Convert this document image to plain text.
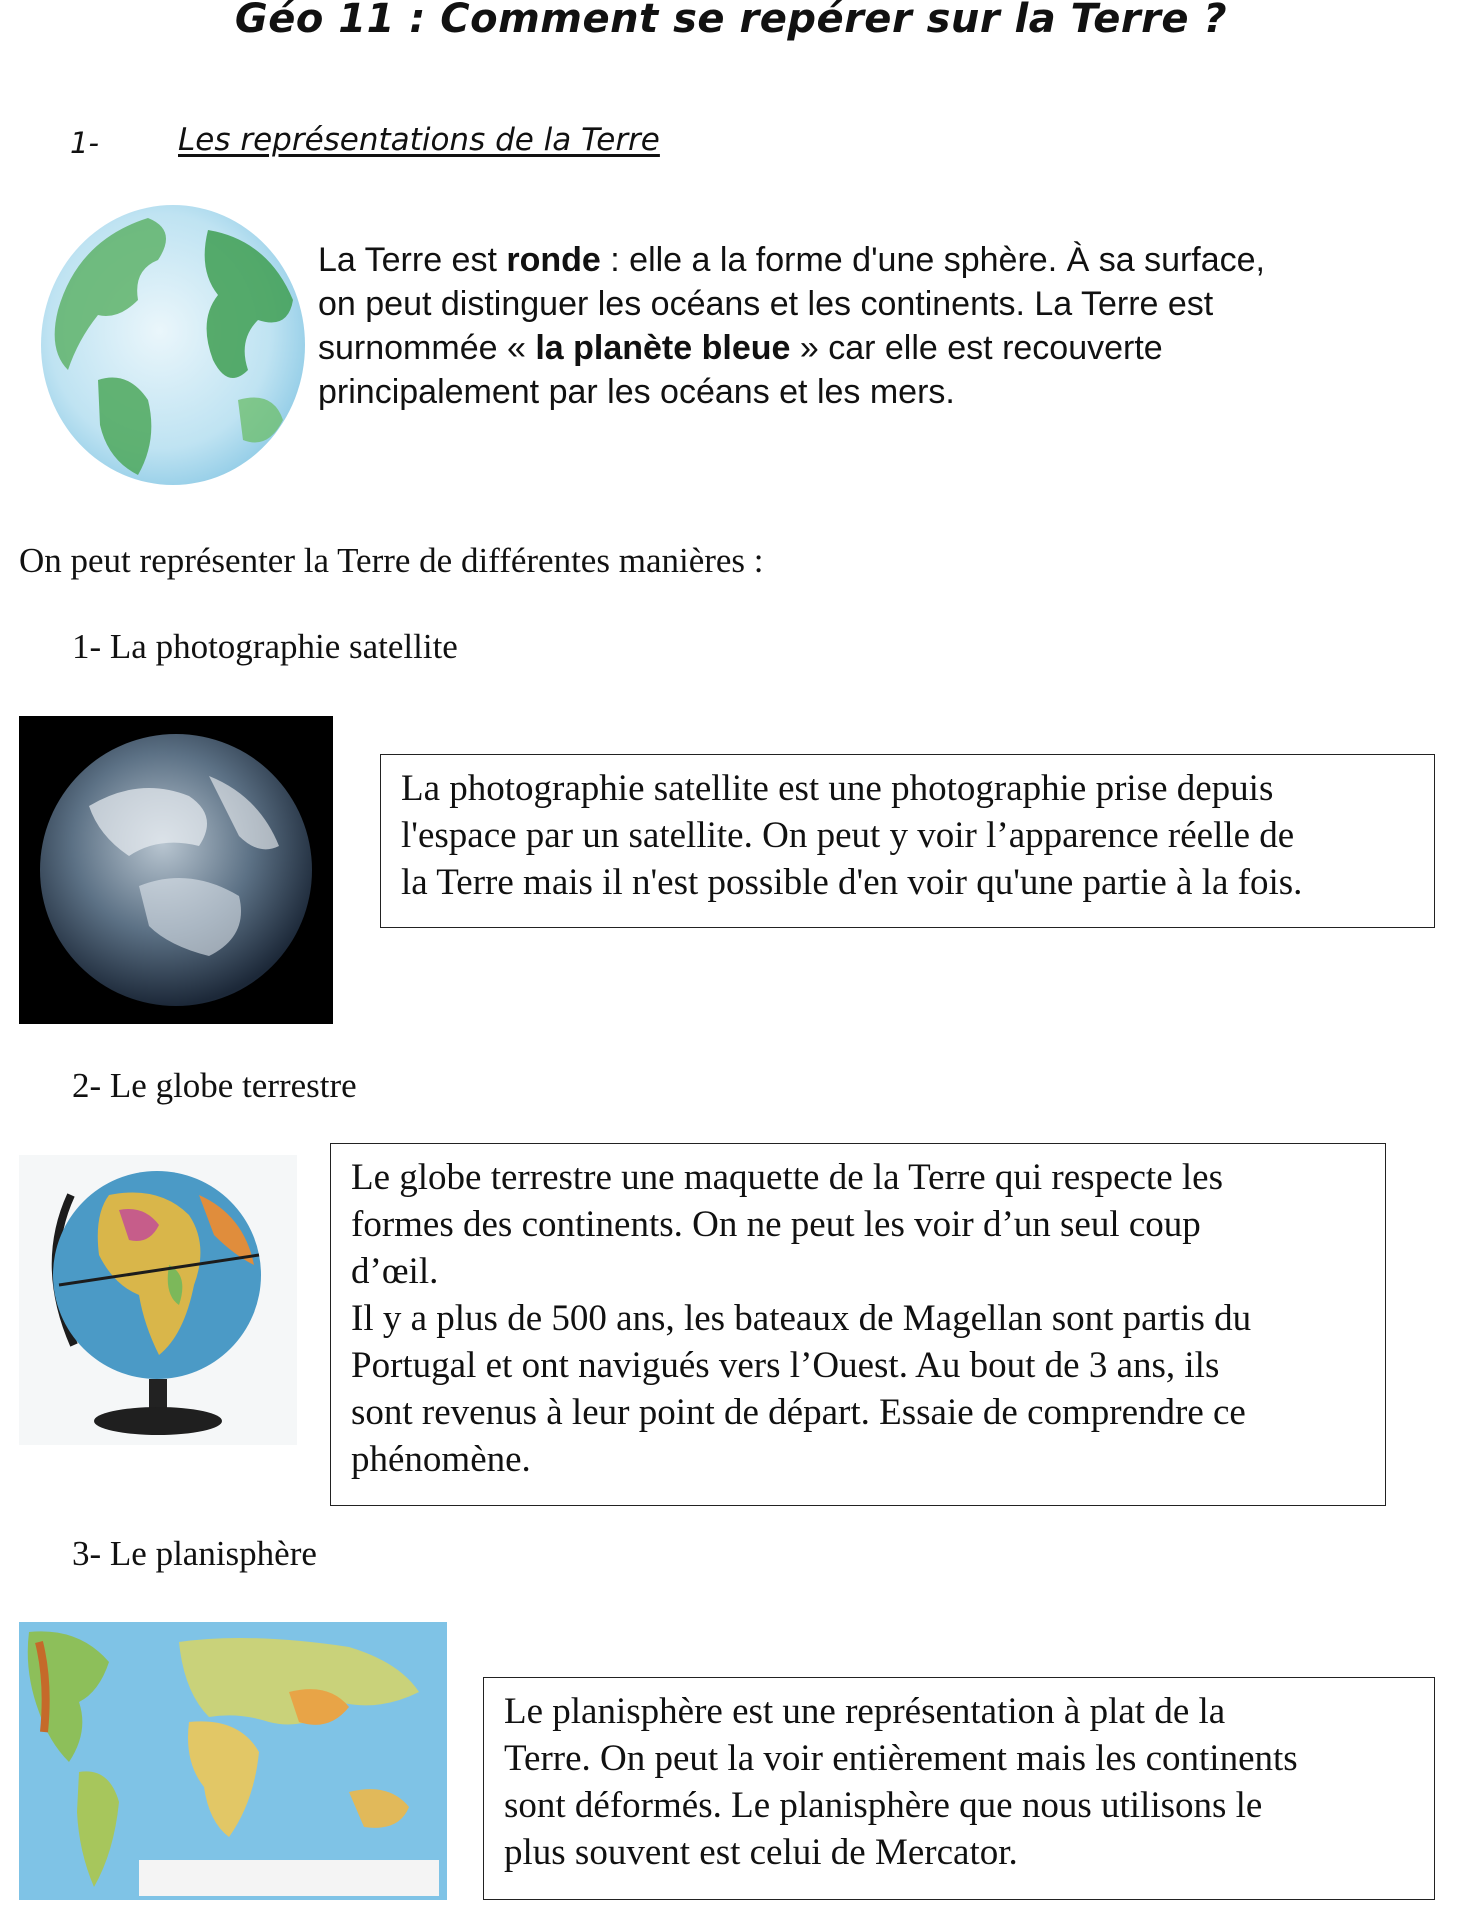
Géo 11 : Comment se repérer sur la Terre ?
1-	Les représentations de la Terre
La Terre est ronde : elle a la forme d'une sphère. À sa surface,
on peut distinguer les océans et les continents. La Terre est
surnommée « la planète bleue » car elle est recouverte
principalement par les océans et les mers.
On peut représenter la Terre de différentes manières :
1- La photographie satellite
La photographie satellite est une photographie prise depuis
l'espace par un satellite. On peut y voir l’apparence réelle de
la Terre mais il n'est possible d'en voir qu'une partie à la fois.
2- Le globe terrestre
Le globe terrestre une maquette de la Terre qui respecte les
formes des continents. On ne peut les voir d’un seul coup
d’œil.
Il y a plus de 500 ans, les bateaux de Magellan sont partis du
Portugal et ont navigués vers l’Ouest. Au bout de 3 ans, ils
sont revenus à leur point de départ. Essaie de comprendre ce
phénomène.
3- Le planisphère
Le planisphère est une représentation à plat de la
Terre. On peut la voir entièrement mais les continents
sont déformés. Le planisphère que nous utilisons le
plus souvent est celui de Mercator.
